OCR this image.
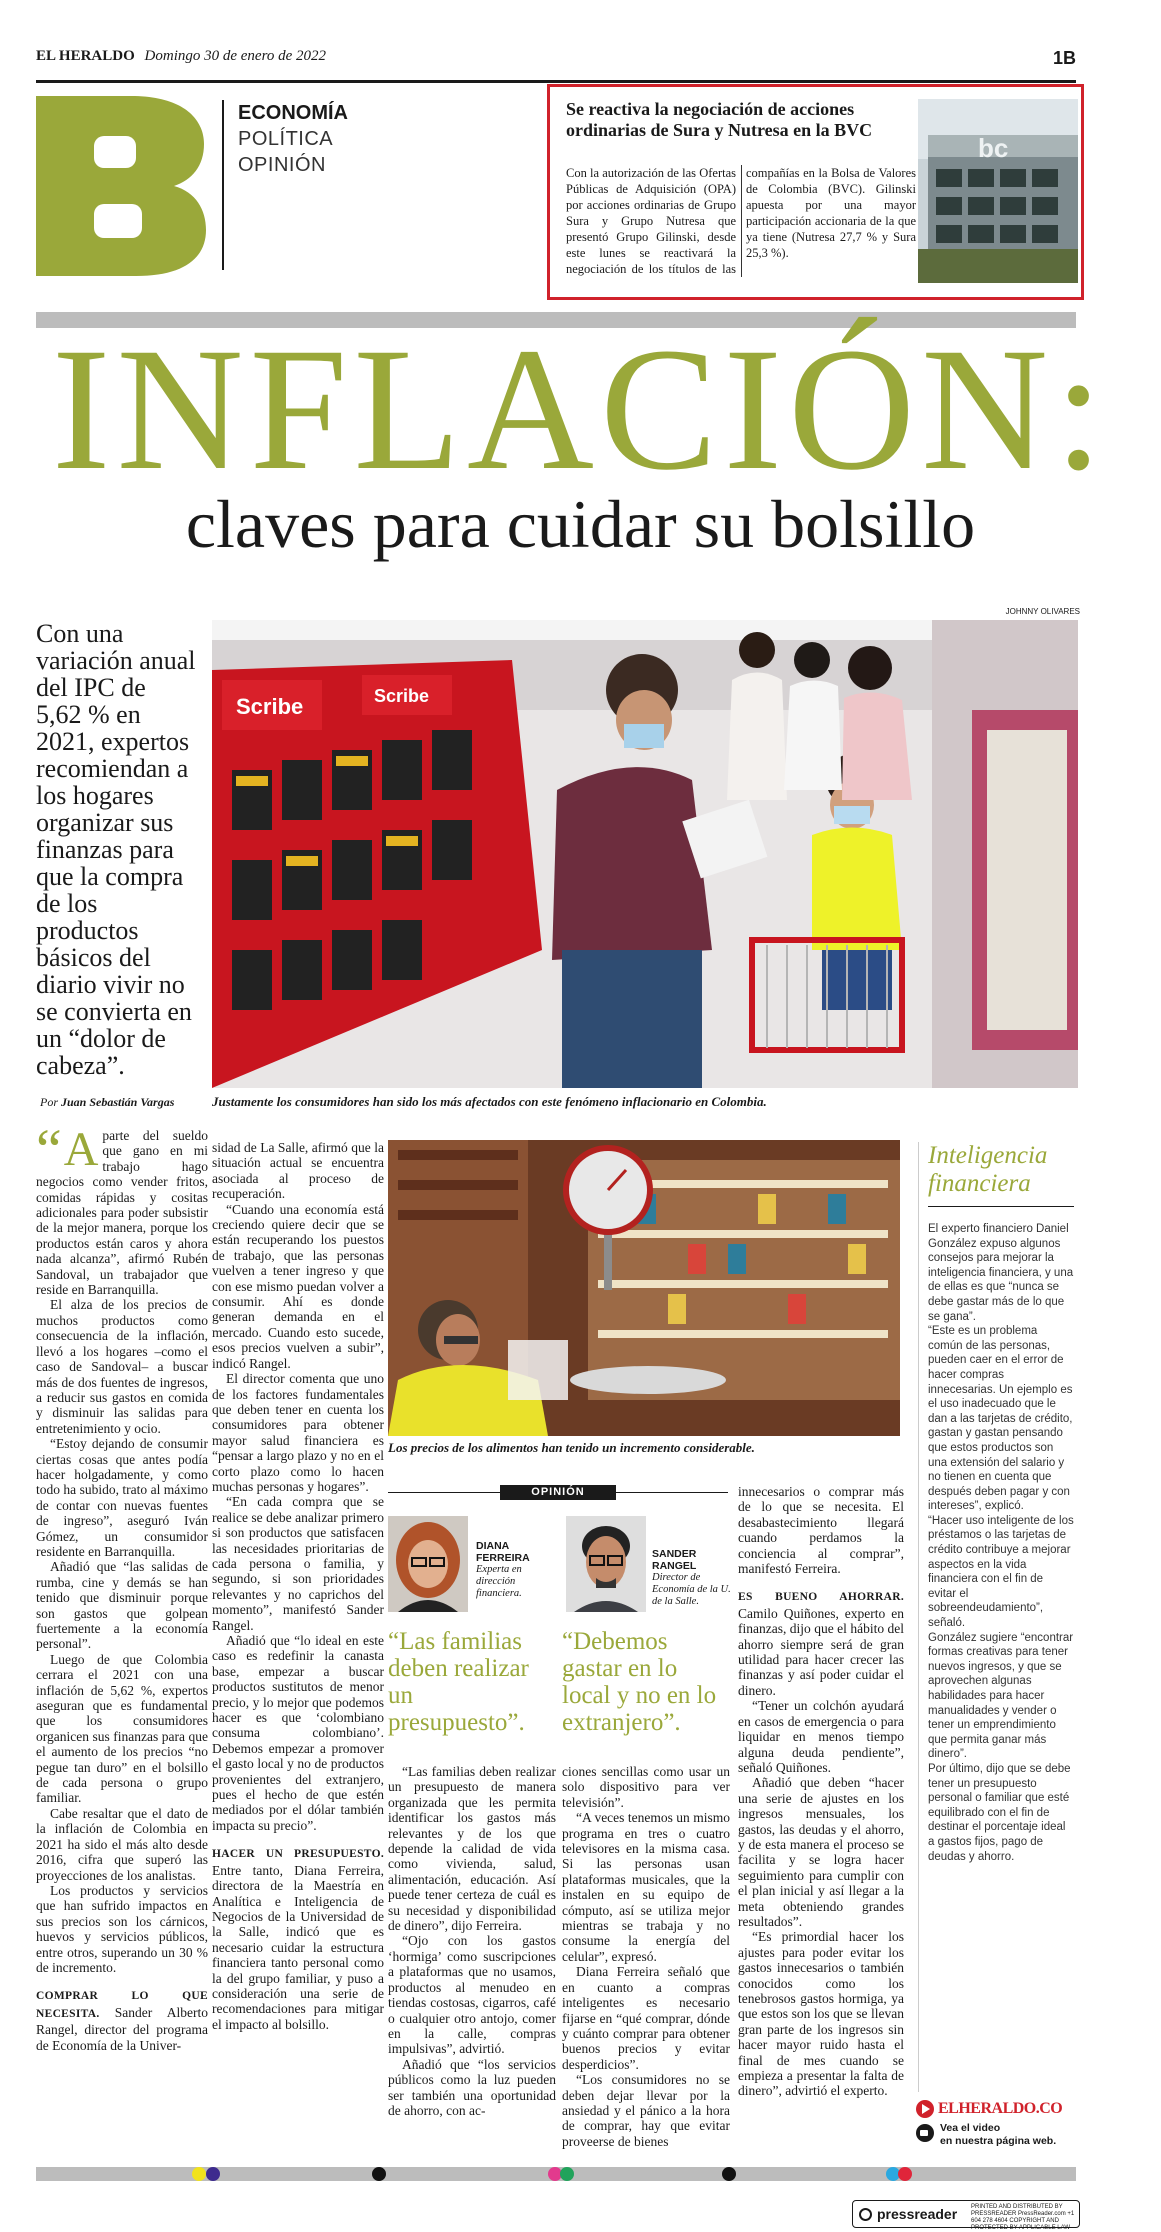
EL HERALDO Domingo 30 de enero de 2022	1B
ECONOMÍA
POLÍTICA
OPINIÓN
Se reactiva la negociación de acciones ordinarias de Sura y Nutresa en la BVC
Con la autorización de las Ofertas Públicas de Adquisición (OPA) por acciones ordinarias de Grupo Sura y Grupo Nutresa que presentó Grupo Gilinski, desde este lunes se reactivará la negociación de los títulos de las compañías en la Bolsa de Valores de Colombia (BVC). Gilinski apuesta por una mayor participación accionaria de la que ya tiene (Nutresa 27,7 % y Sura 25,3 %).
bc
INFLACIÓN:
claves para cuidar su bolsillo
Con una variación anual del IPC de 5,62 % en 2021, expertos recomiendan a los hogares organizar sus finanzas para que la compra de los productos básicos del diario vivir no se convierta en un “dolor de cabeza”.
Por Juan Sebastián Vargas
JOHNNY OLIVARES
Scribe	Scribe
Justamente los consumidores han sido los más afectados con este fenómeno inflacionario en Colombia.

“ A parte del sueldo que gano en mi trabajo hago negocios como vender fritos, comidas rápidas y cositas adicionales para poder subsistir de la mejor manera, porque los productos están caros y ahora nada alcanza”, afirmó Rubén Sandoval, un trabajador que reside en Barranquilla.

El alza de los precios de muchos productos como consecuencia de la inflación, llevó a los hogares –como el caso de Sandoval– a buscar más de dos fuentes de ingresos, a reducir sus gastos en comida y disminuir las salidas para entretenimiento y ocio.

“Estoy dejando de consumir ciertas cosas que antes podía hacer holgadamente, y como todo ha subido, trato al máximo de contar con nuevas fuentes de ingreso”, aseguró Iván Gómez, un consumidor residente en Barranquilla.

Añadió que “las salidas de rumba, cine y demás se han tenido que disminuir porque son gastos que golpean fuertemente a la economía personal”.

Luego de que Colombia cerrara el 2021 con una inflación de 5,62 %, expertos aseguran que es fundamental que los consumidores organicen sus finanzas para que el aumento de los precios “no pegue tan duro” en el bolsillo de cada persona o grupo familiar.

Cabe resaltar que el dato de la inflación de Colombia en 2021 ha sido el más alto desde 2016, cifra que superó las proyecciones de los analistas.

Los productos y servicios que han sufrido impactos en sus precios son los cárnicos, huevos y servicios públicos, entre otros, superando un 30 % de incremento.

COMPRAR LO QUE NECESITA. Sander Alberto Rangel, director del programa de Economía de la Univer-

sidad de La Salle, afirmó que la situación actual se encuentra asociada al proceso de recuperación.

“Cuando una economía está creciendo quiere decir que se están recuperando los puestos de trabajo, que las personas vuelven a tener ingreso y que con ese mismo puedan volver a consumir. Ahí es donde generan demanda en el mercado. Cuando esto sucede, esos precios vuelven a subir”, indicó Rangel.

El director comenta que uno de los factores fundamentales que deben tener en cuenta los consumidores para obtener mayor salud financiera es “pensar a largo plazo y no en el corto plazo como lo hacen muchas personas y hogares”.

“En cada compra que se realice se debe analizar primero si son productos que satisfacen las necesidades prioritarias de cada persona o familia, y segundo, si son prioridades relevantes y no caprichos del momento”, manifestó Sander Rangel.

Añadió que “lo ideal en este caso es redefinir la canasta base, empezar a buscar productos sustitutos de menor precio, y lo mejor que podemos hacer es que ‘colombiano consuma colombiano’. Debemos empezar a promover el gasto local y no de productos provenientes del extranjero, pues el hecho de que estén mediados por el dólar también impacta su precio”.

HACER UN PRESUPUESTO. Entre tanto, Diana Ferreira, directora de la Maestría en Analítica e Inteligencia de Negocios de la Universidad de la Salle, indicó que es necesario cuidar la estructura financiera tanto personal como la del grupo familiar, y puso a consideración una serie de recomendaciones para mitigar el impacto al bolsillo.

Los precios de los alimentos han tenido un incremento considerable.
OPINIÓN
DIANA FERREIRA
Experta en dirección financiera.
SANDER RANGEL
Director de Economía de la U. de la Salle.
“Las familias deben realizar un presupuesto”.
“Debemos gastar en lo local y no en lo extranjero”.

“Las familias deben realizar un presupuesto de manera organizada que les permita identificar los gastos más relevantes y de los que depende la calidad de vida como vivienda, salud, alimentación, educación. Así puede tener certeza de cuál es su necesidad y disponibilidad de dinero”, dijo Ferreira.

“Ojo con los gastos ‘hormiga’ como suscripciones a plataformas que no usamos, productos al menudeo en tiendas costosas, cigarros, café o cualquier otro antojo, comer en la calle, compras impulsivas”, advirtió.

Añadió que “los servicios públicos como la luz pueden ser también una oportunidad de ahorro, con ac-

ciones sencillas como usar un solo dispositivo para ver televisión”.

“A veces tenemos un mismo programa en tres o cuatro televisores en la misma casa. Si las personas usan plataformas musicales, que la instalen en su equipo de cómputo, así se utiliza mejor mientras se trabaja y no consume la energía del celular”, expresó.

Diana Ferreira señaló que en cuanto a compras inteligentes es necesario fijarse en “qué comprar, dónde y cuánto comprar para obtener buenos precios y evitar desperdicios”.

“Los consumidores no se deben dejar llevar por la ansiedad y el pánico a la hora de comprar, hay que evitar proveerse de bienes

innecesarios o comprar más de lo que se necesita. El desabastecimiento llegará cuando perdamos la conciencia al comprar”, manifestó Ferreira.

ES BUENO AHORRAR. Camilo Quiñones, experto en finanzas, dijo que el hábito del ahorro siempre será de gran utilidad para hacer crecer las finanzas y así poder cuidar el dinero.

“Tener un colchón ayudará en casos de emergencia o para liquidar en menos tiempo alguna deuda pendiente”, señaló Quiñones.

Añadió que deben “hacer una serie de ajustes en los ingresos mensuales, los gastos, las deudas y el ahorro, y de esta manera el proceso se facilita y se logra hacer seguimiento para cumplir con el plan inicial y así llegar a la meta obteniendo grandes resultados”.

“Es primordial hacer los ajustes para poder evitar los gastos innecesarios o también conocidos como los tenebrosos gastos hormiga, ya que estos son los que se llevan gran parte de los ingresos sin hacer mayor ruido hasta el final de mes cuando se empieza a presentar la falta de dinero”, advirtió el experto.

Inteligencia financiera

El experto financiero Daniel González expuso algunos consejos para mejorar la inteligencia financiera, y una de ellas es que “nunca se debe gastar más de lo que se gana”.

“Este es un problema común de las personas, pueden caer en el error de hacer compras innecesarias. Un ejemplo es el uso inadecuado que le dan a las tarjetas de crédito, gastan y gastan pensando que estos productos son una extensión del salario y no tienen en cuenta que después deben pagar y con intereses”, explicó.

“Hacer uso inteligente de los préstamos o las tarjetas de crédito contribuye a mejorar aspectos en la vida financiera con el fin de evitar el sobreendeudamiento”, señaló.

González sugiere “encontrar formas creativas para tener nuevos ingresos, y que se aprovechen algunas habilidades para hacer manualidades y vender o tener un emprendimiento que permita ganar más dinero”.

Por último, dijo que se debe tener un presupuesto personal o familiar que esté equilibrado con el fin de destinar el porcentaje ideal a gastos fijos, pago de deudas y ahorro.

ELHERALDO.CO
Vea el video
en nuestra página web.
pressreader PRINTED AND DISTRIBUTED BY PRESSREADER PressReader.com +1 604 278 4604 COPYRIGHT AND PROTECTED BY APPLICABLE LAW
